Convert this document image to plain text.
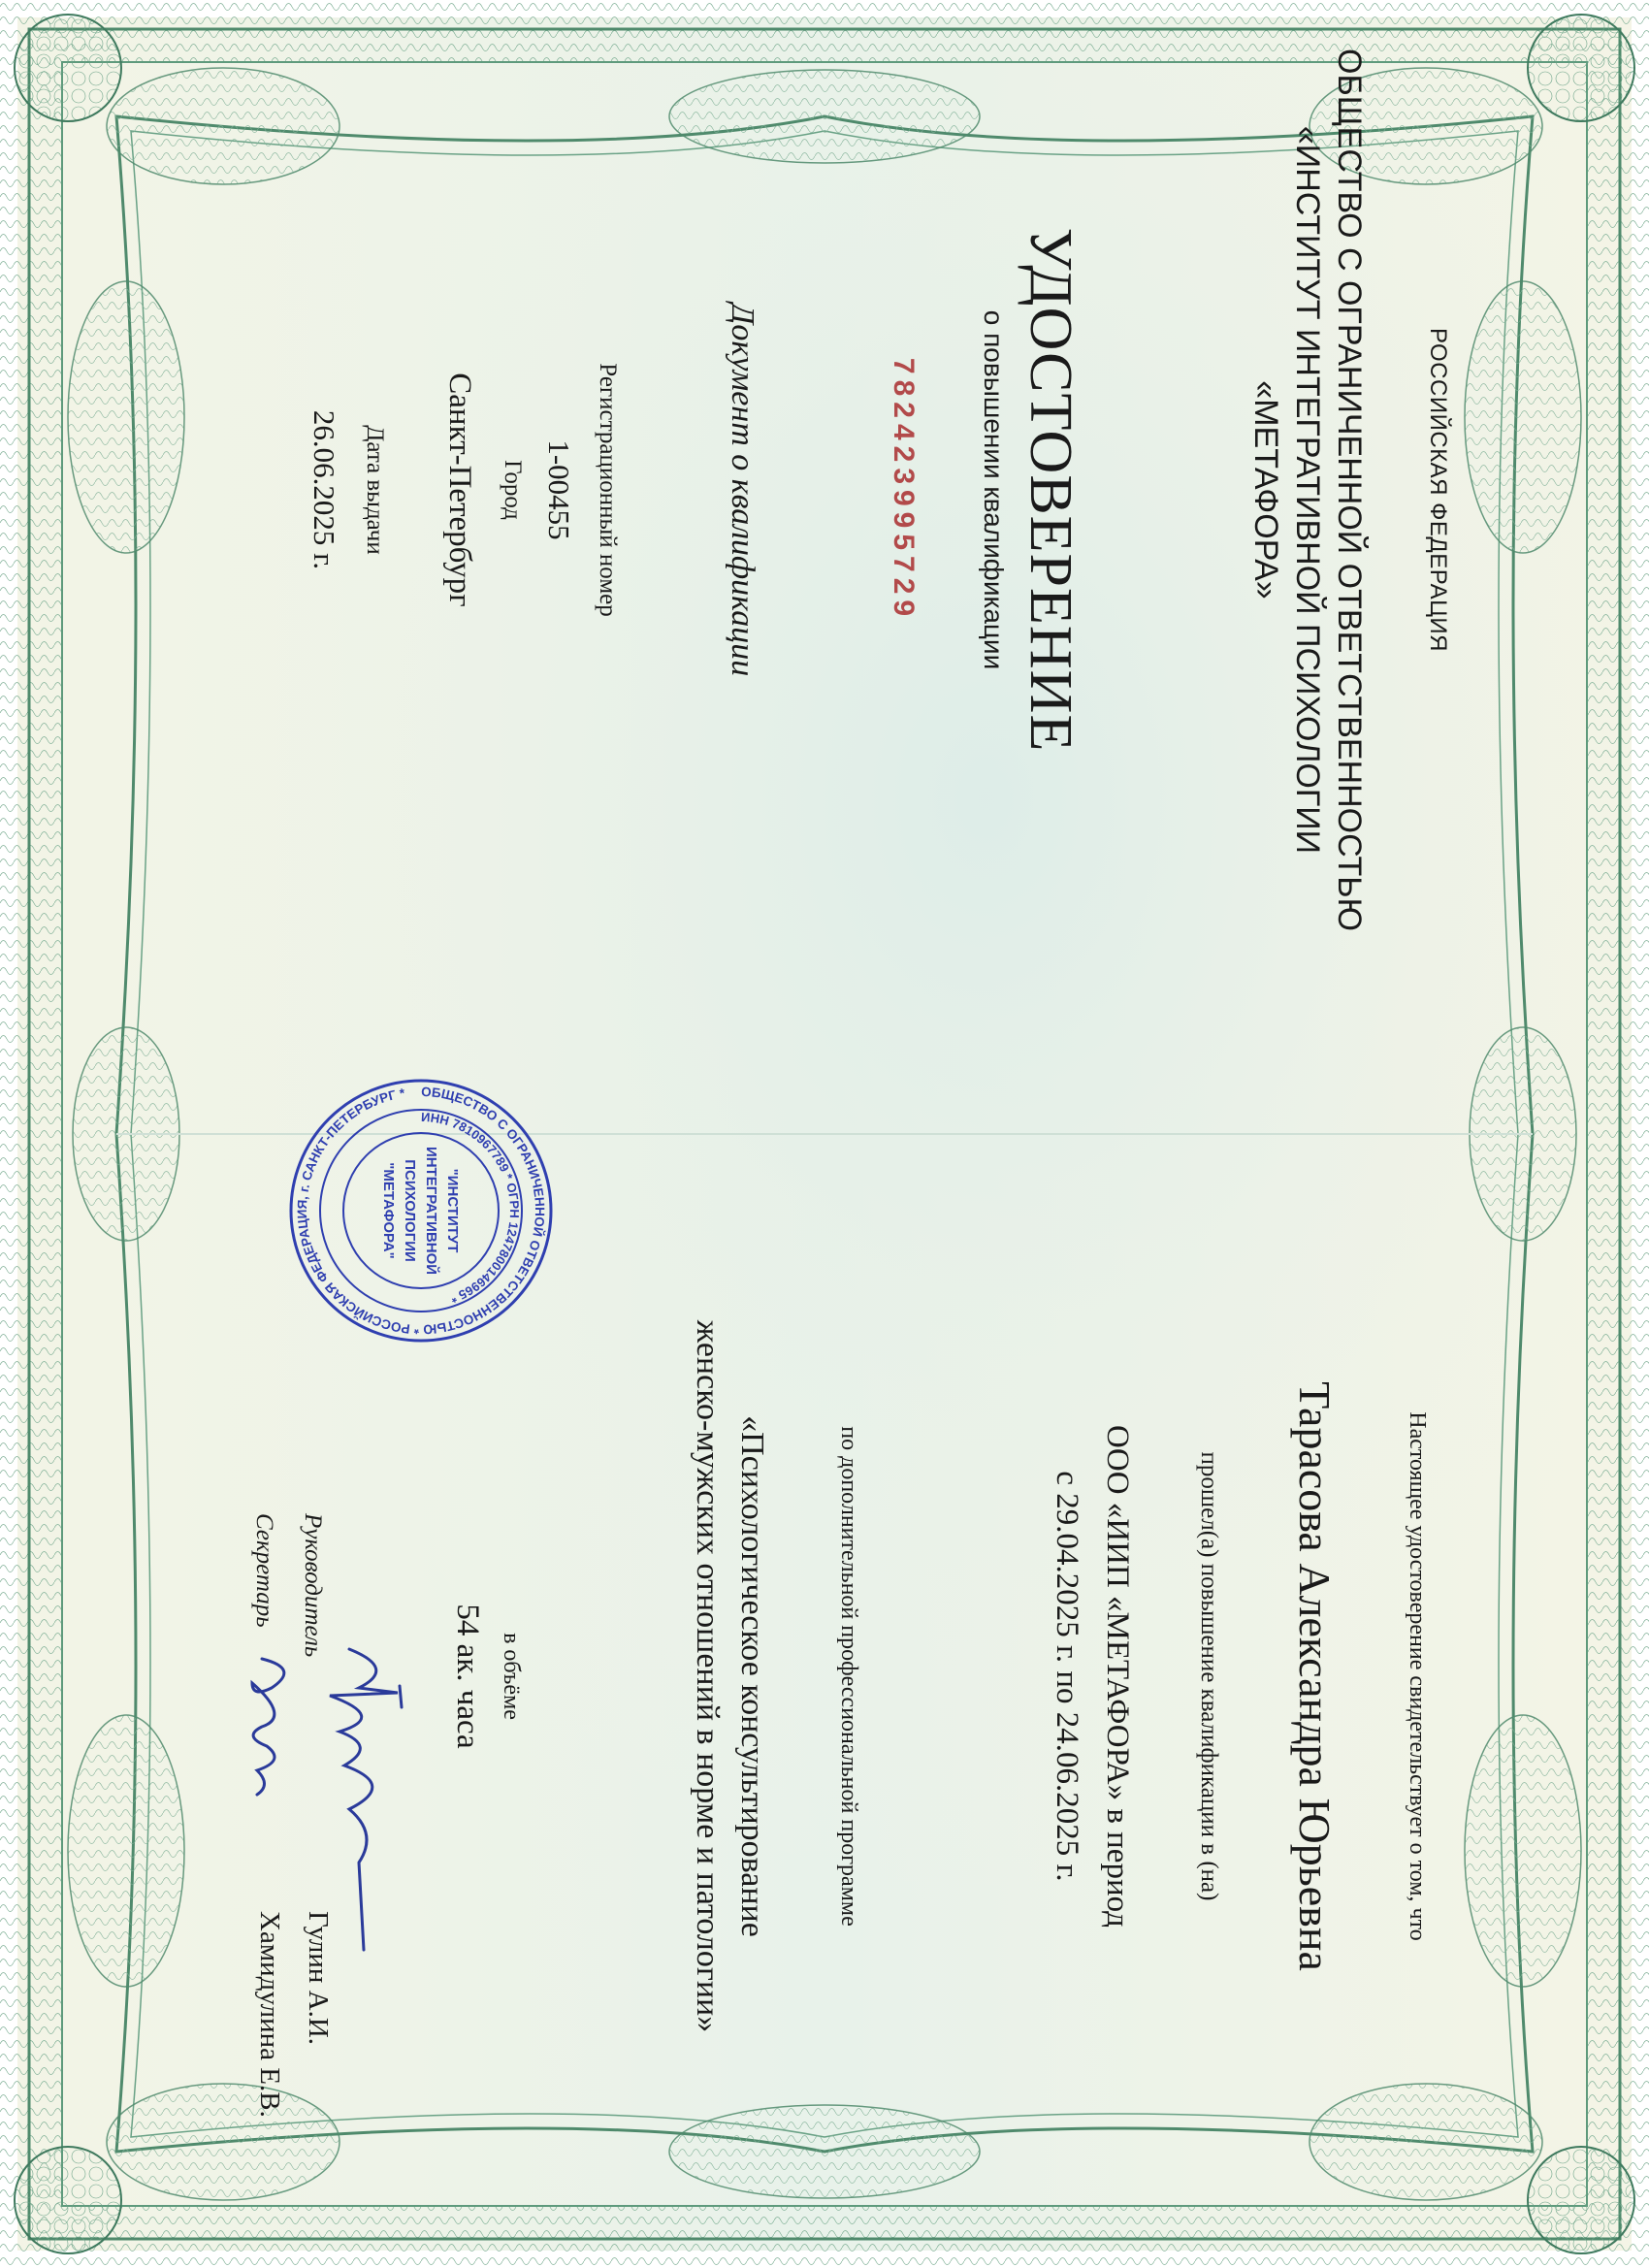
РОССИЙСКАЯ ФЕДЕРАЦИЯ
ОБЩЕСТВО С ОГРАНИЧЕННОЙ ОТВЕТСТВЕННОСТЬЮ
«ИНСТИТУТ ИНТЕГРАТИВНОЙ ПСИХОЛОГИИ
«МЕТАФОРА»
УДОСТОВЕРЕНИЕ
о повышении квалификации
782423995729
Документ о квалификации
Регистрационный номер
1-00455
Город
Санкт-Петербург
Дата выдачи
26.06.2025 г.
ОБЩЕСТВО С ОГРАНИЧЕННОЙ ОТВЕТСТВЕННОСТЬЮ * РОССИЙСКАЯ ФЕДЕРАЦИЯ, г. САНКТ-ПЕТЕРБУРГ *
ИНН 7810967789 * ОГРН 1247800146965 *
"ИНСТИТУТ
ИНТЕГРАТИВНОЙ
ПСИХОЛОГИИ
"МЕТАФОРА"
Настоящее удостоверение свидетельствует о том, что
Тарасова Александра Юрьевна
прошел(а) повышение квалификации в (на)
ООО «ИИП «МЕТАФОРА» в период
с 29.04.2025 г. по 24.06.2025 г.
по дополнительной профессиональной программе
«Психологическое консультирование
женско-мужских отношений в норме и патологии»
в объёме
54 ак. часа
Руководитель
Гулин А.И.
Секретарь
Хамидулина Е.В.
